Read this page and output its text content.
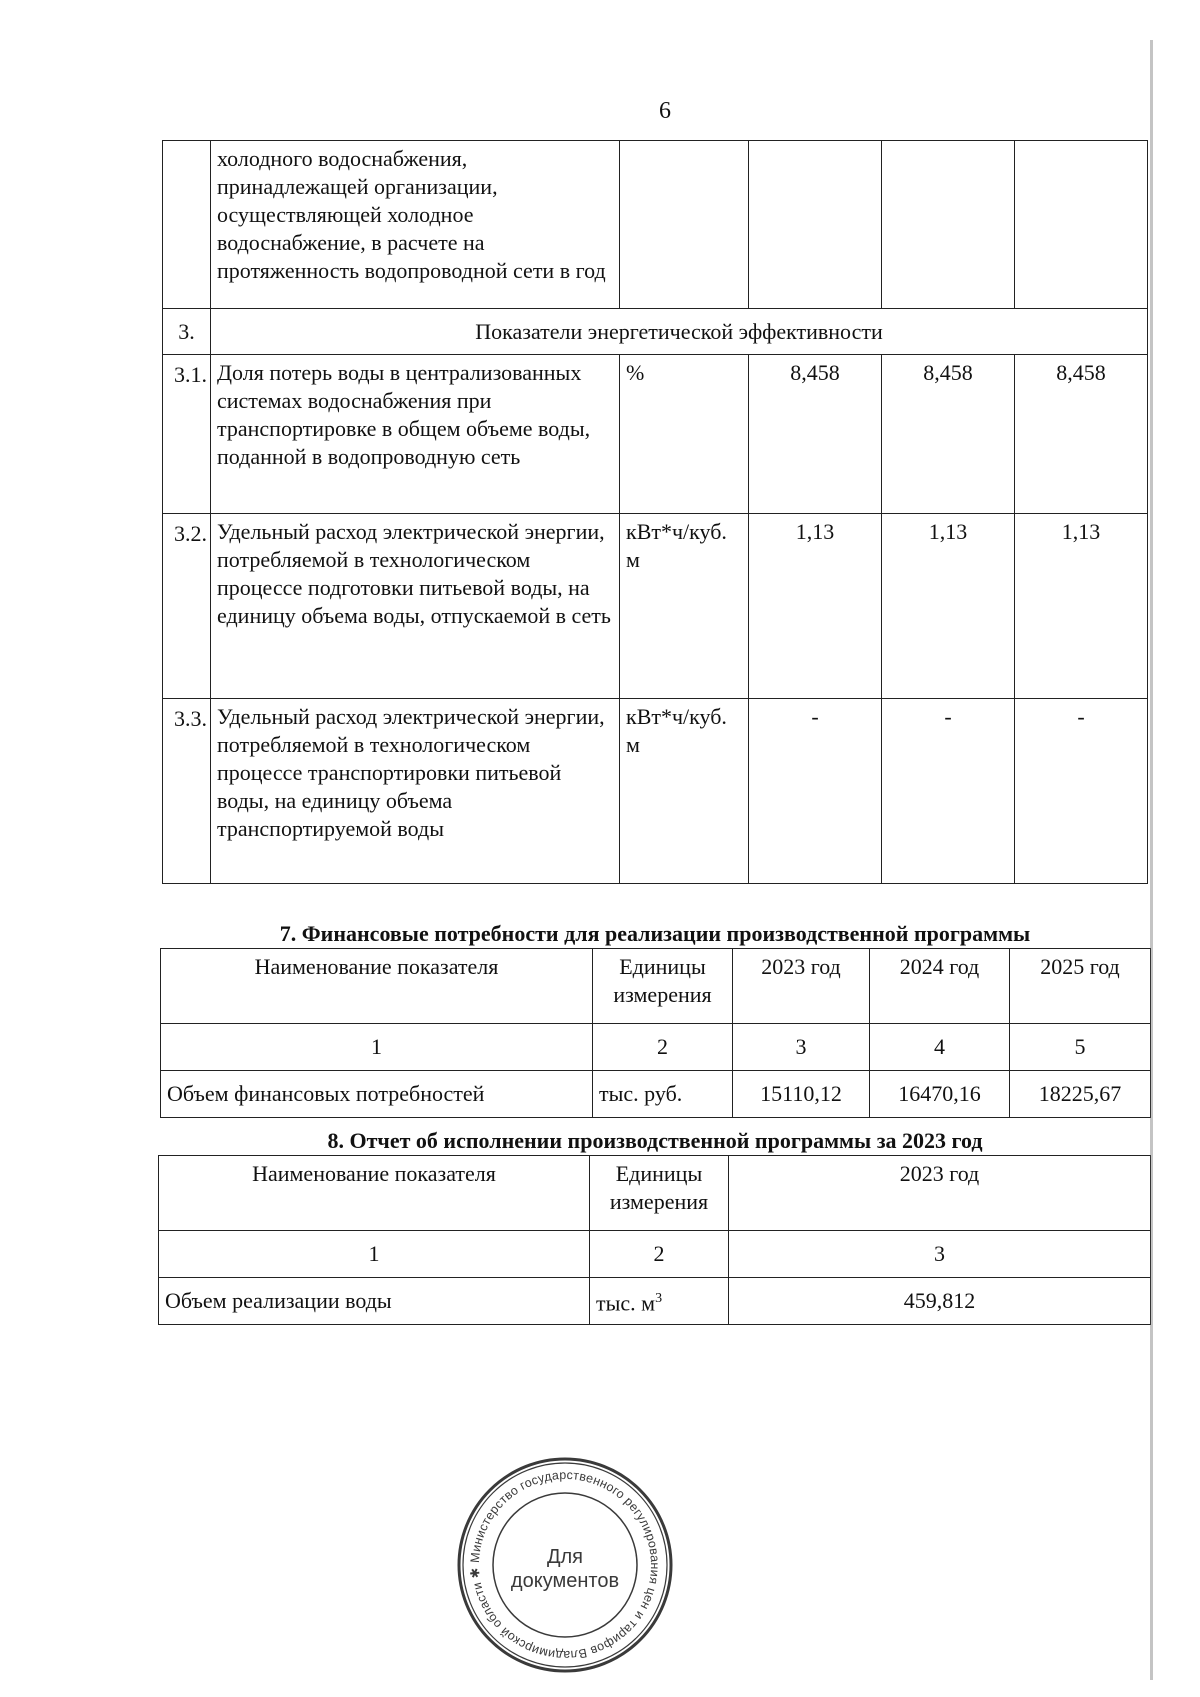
6
	холодного водоснабжения, принадлежащей организации, осуществляющей холодное водоснабжение, в расчете на протяженность водопроводной сети в год				
3.	Показатели энергетической эффективности				
3.1.	Доля потерь воды в централизованных системах водоснабжения при транспортировке в общем объеме воды, поданной в водопроводную сеть	%	8,458	8,458	8,458
3.2.	Удельный расход электрической энергии, потребляемой в технологическом процессе подготовки питьевой воды, на единицу объема воды, отпускаемой в сеть	кВт*ч/куб. м	1,13	1,13	1,13
3.3.	Удельный расход электрической энергии, потребляемой в технологическом процессе транспортировки питьевой воды, на единицу объема транспортируемой воды	кВт*ч/куб. м	-	-	-
7. Финансовые потребности для реализации производственной программы
Наименование показателя	Единицы измерения	2023 год	2024 год	2025 год
1	2	3	4	5
Объем финансовых потребностей	тыс. руб.	15110,12	16470,16	18225,67
8. Отчет об исполнении производственной программы за 2023 год
Наименование показателя	Единицы измерения	2023 год
1	2	3
Объем реализации воды	тыс. $м^3$	459,812
Министерство государственного регулирования цен и тарифов Владимирской области ✱
Для
документов
